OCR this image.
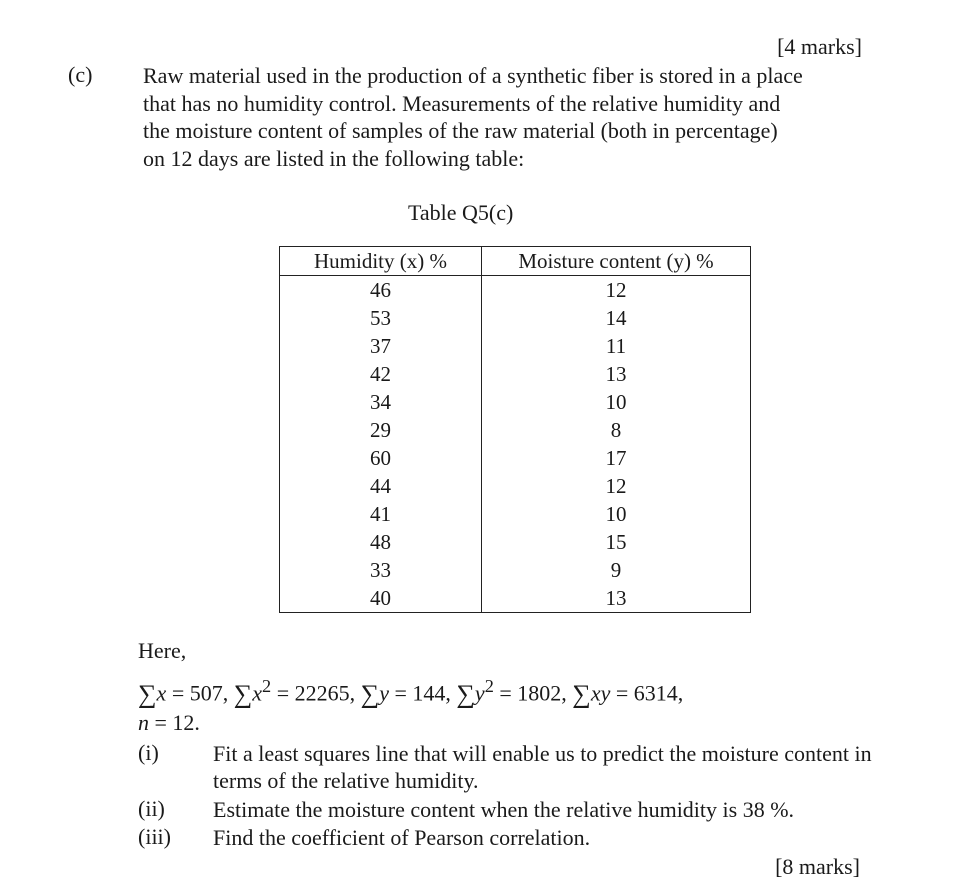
[4 marks]
(c) Raw material used in the production of a synthetic fiber is stored in a place
that has no humidity control. Measurements of the relative humidity and
the moisture content of samples of the raw material (both in percentage)
on 12 days are listed in the following table:
Table Q5(c)
Humidity (x) %	Moisture content (y) %
46	12
53	14
37	11
42	13
34	10
29	8
60	17
44	12
41	10
48	15
33	9
40	13
Here,
∑x = 507, $\sum x^2 = 22265$, ∑y = 144, $\sum y^2 = 1802$, ∑xy = 6314,
n = 12.
(i) Fit a least squares line that will enable us to predict the moisture content in terms of the relative humidity.
(ii) Estimate the moisture content when the relative humidity is 38 %.
(iii) Find the coefficient of Pearson correlation.
[8 marks]
